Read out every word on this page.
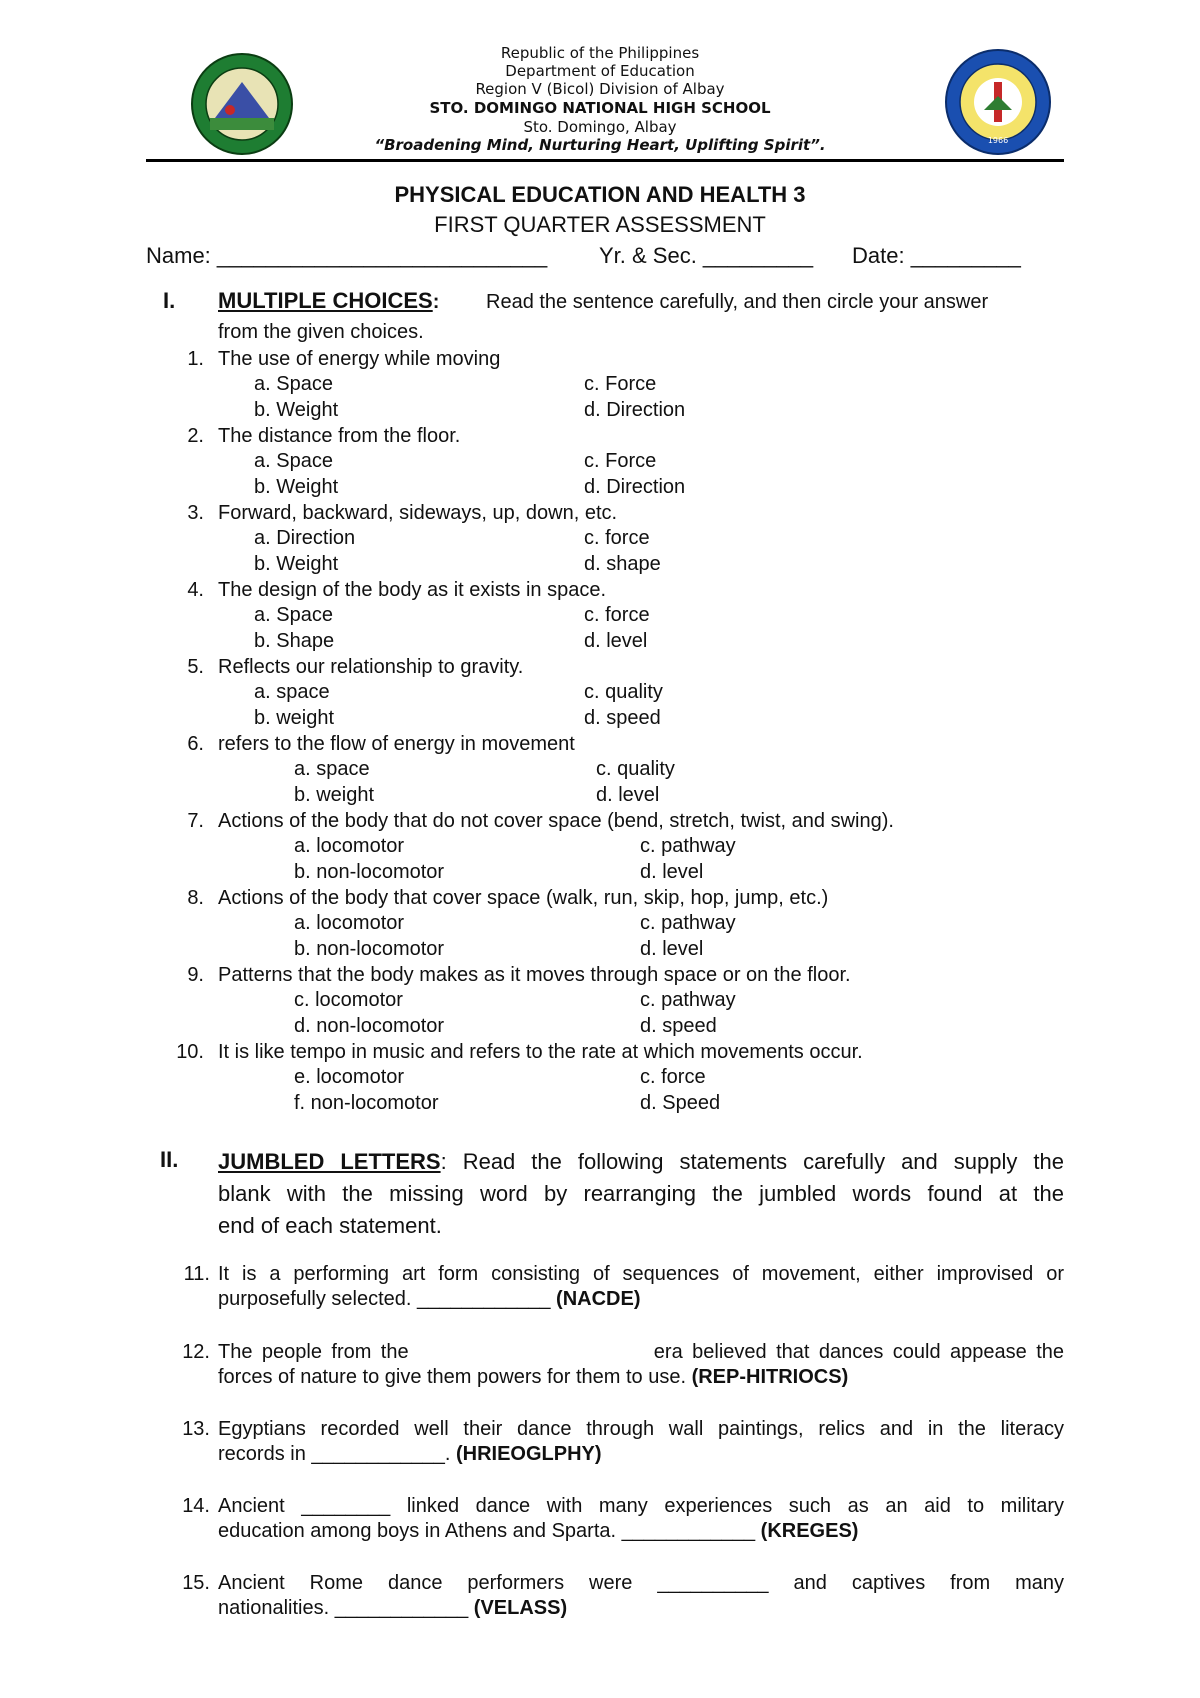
1966
Republic of the Philippines
Department of Education
Region V (Bicol) Division of Albay
STO. DOMINGO NATIONAL HIGH SCHOOL
Sto. Domingo, Albay
“Broadening Mind, Nurturing Heart, Uplifting Spirit”.
PHYSICAL EDUCATION AND HEALTH 3
FIRST QUARTER ASSESSMENT
Name: ___________________________ Yr. & Sec. _________ Date: _________
I. MULTIPLE CHOICES: Read the sentence carefully, and then circle your answer
from the given choices.
1. The use of energy while moving
a. Space	c. Force
b. Weight	d. Direction
2. The distance from the floor.
a. Space	c. Force
b. Weight	d. Direction
3. Forward, backward, sideways, up, down, etc.
a. Direction	c. force
b. Weight	d. shape
4. The design of the body as it exists in space.
a. Space	c. force
b. Shape	d. level
5. Reflects our relationship to gravity.
a. space	c. quality
b. weight	d. speed
6. refers to the flow of energy in movement
a. space	c. quality
b. weight	d. level
7. Actions of the body that do not cover space (bend, stretch, twist, and swing).
a. locomotor	c. pathway
b. non-locomotor	d. level
8. Actions of the body that cover space (walk, run, skip, hop, jump, etc.)
a. locomotor	c. pathway
b. non-locomotor	d. level
9. Patterns that the body makes as it moves through space or on the floor.
c. locomotor	c. pathway
d. non-locomotor	d. speed
10. It is like tempo in music and refers to the rate at which movements occur.
e. locomotor	c. force
f. non-locomotor	d. Speed
II. JUMBLED LETTERS: Read the following statements carefully and supply the
blank with the missing word by rearranging the jumbled words found at the
end of each statement.
11. It is a performing art form consisting of sequences of movement, either improvised or
purposefully selected. ____________ (NACDE)
12. The people from the                          era believed that dances could appease the
forces of nature to give them powers for them to use. (REP-HITRIOCS)
13. Egyptians recorded well their dance through wall paintings, relics and in the literacy
records in ____________. (HRIEOGLPHY)
14. Ancient ________ linked dance with many experiences such as an aid to military
education among boys in Athens and Sparta. ____________ (KREGES)
15. Ancient Rome dance performers were __________ and captives from many
nationalities. ____________ (VELASS)
